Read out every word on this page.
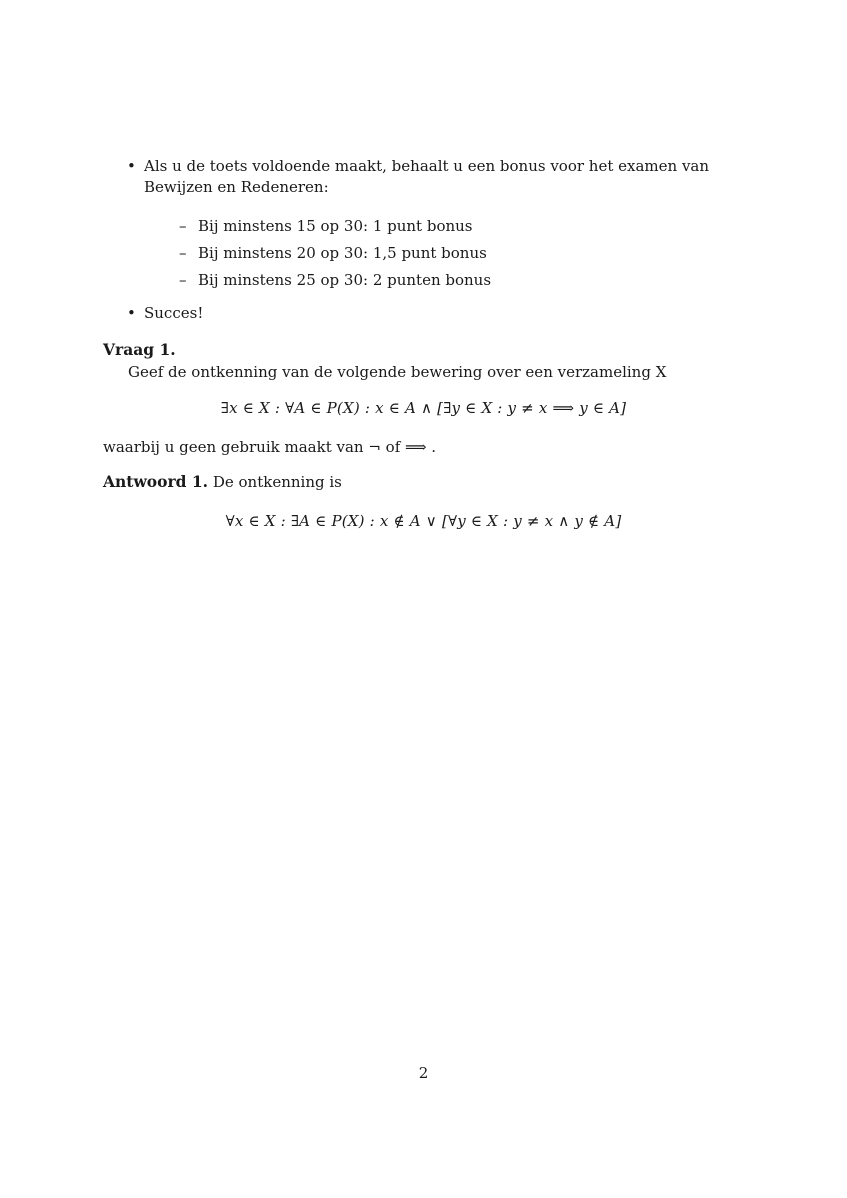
• Als u de toets voldoende maakt, behaalt u een bonus voor het examen van Bewijzen en Redeneren:
– Bij minstens 15 op 30: 1 punt bonus
– Bij minstens 20 op 30: 1,5 punt bonus
– Bij minstens 25 op 30: 2 punten bonus
• Succes!
Vraag 1.
Geef de ontkenning van de volgende bewering over een verzameling X
∃x ∈ X : ∀A ∈ P(X) : x ∈ A ∧ [∃y ∈ X : y ≠ x ⟹ y ∈ A]
waarbij u geen gebruik maakt van ¬ of ⟹ .
Antwoord 1. De ontkenning is
∀x ∈ X : ∃A ∈ P(X) : x ∉ A ∨ [∀y ∈ X : y ≠ x ∧ y ∉ A]
2
